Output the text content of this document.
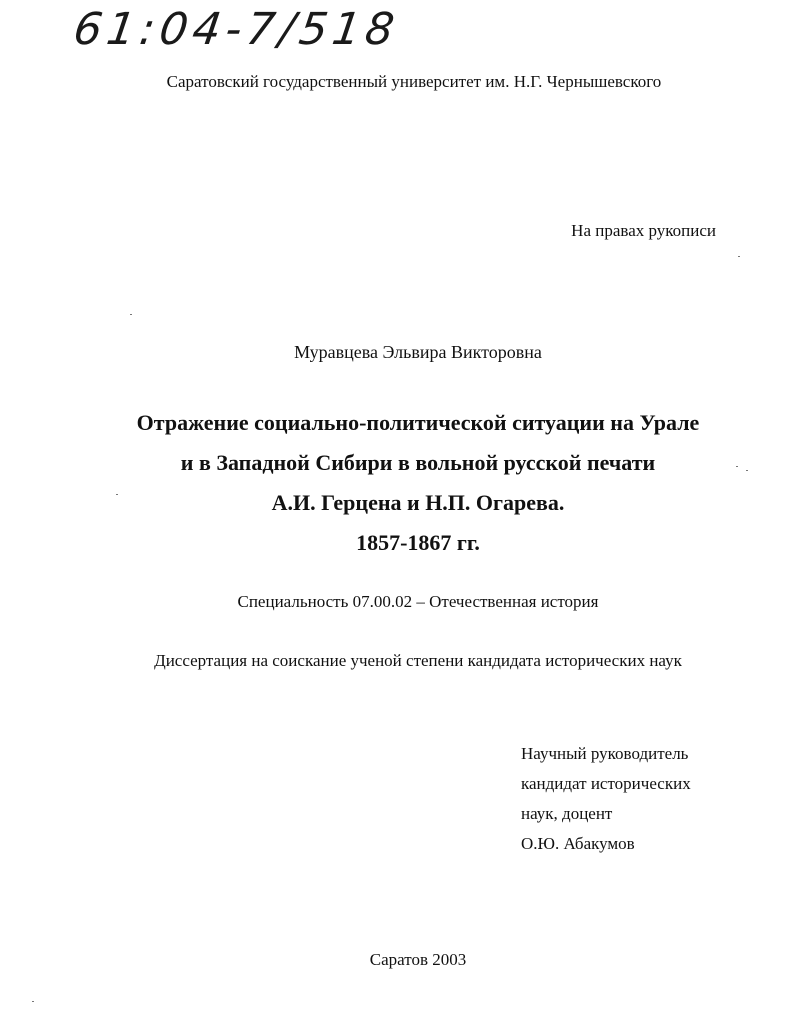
61:04-7/518
Саратовский государственный университет им. Н.Г. Чернышевского
На правах рукописи
Муравцева Эльвира Викторовна
Отражение социально-политической ситуации на Урале
и в Западной Сибири в вольной русской печати
А.И. Герцена и Н.П. Огарева.
1857-1867 гг.
Специальность 07.00.02 – Отечественная история
Диссертация на соискание ученой степени кандидата исторических наук
Научный руководитель
кандидат исторических
наук, доцент
О.Ю. Абакумов
Саратов 2003
